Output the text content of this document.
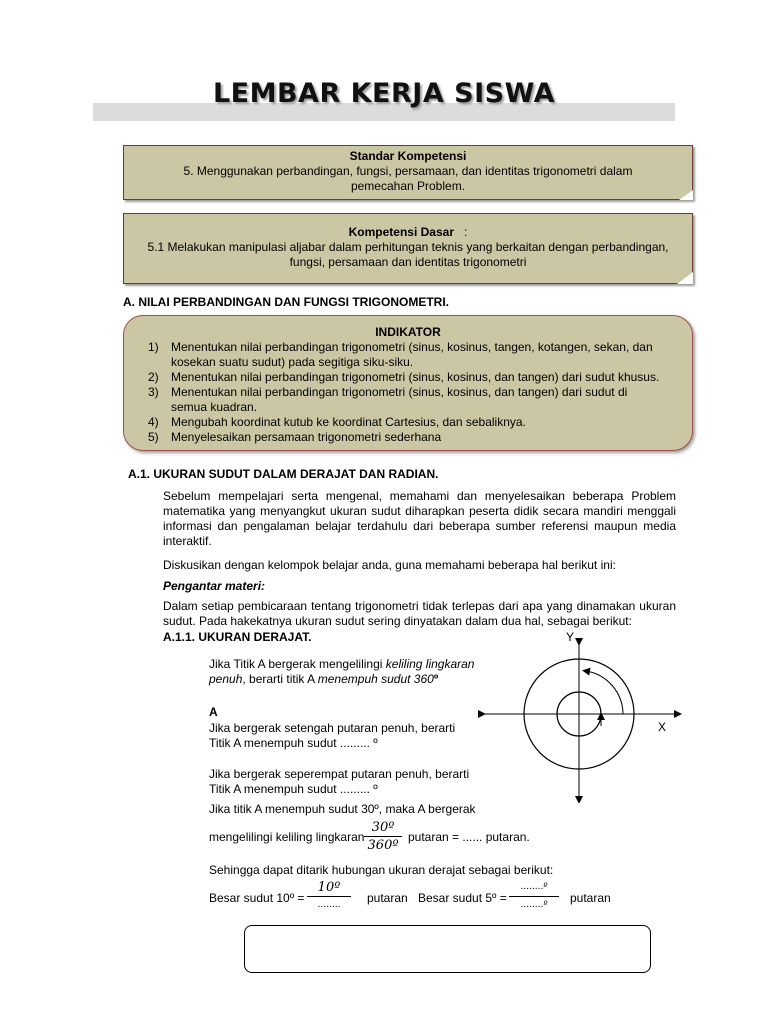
LEMBAR KERJA SISWA
Standar Kompetensi
5. Menggunakan perbandingan, fungsi, persamaan, dan identitas trigonometri dalam pemecahan Problem.
Kompetensi Dasar :
5.1 Melakukan manipulasi aljabar dalam perhitungan teknis yang berkaitan dengan perbandingan, fungsi, persamaan dan identitas trigonometri
A. NILAI PERBANDINGAN DAN FUNGSI TRIGONOMETRI.
INDIKATOR
1) Menentukan nilai perbandingan trigonometri (sinus, kosinus, tangen, kotangen, sekan, dan kosekan suatu sudut) pada segitiga siku-siku.
2) Menentukan nilai perbandingan trigonometri (sinus, kosinus, dan tangen) dari sudut khusus.
3) Menentukan nilai perbandingan trigonometri (sinus, kosinus, dan tangen) dari sudut di semua kuadran.
4) Mengubah koordinat kutub ke koordinat Cartesius, dan sebaliknya.
5) Menyelesaikan persamaan trigonometri sederhana
A.1. UKURAN SUDUT DALAM DERAJAT DAN RADIAN.
Sebelum mempelajari serta mengenal, memahami dan menyelesaikan beberapa Problem matematika yang menyangkut ukuran sudut diharapkan peserta didik secara mandiri menggali informasi dan pengalaman belajar terdahulu dari beberapa sumber referensi maupun media interaktif.
Diskusikan dengan kelompok belajar anda, guna memahami beberapa hal berikut ini:
Pengantar materi:
Dalam setiap pembicaraan tentang trigonometri tidak terlepas dari apa yang dinamakan ukuran sudut. Pada hakekatnya ukuran sudut sering dinyatakan dalam dua hal, sebagai berikut:
A.1.1. UKURAN DERAJAT.
Jika Titik A bergerak mengelilingi keliling lingkaran penuh, berarti titik A menempuh sudut 360º
A
Jika bergerak setengah putaran penuh, berarti Titik A menempuh sudut ......... º
Jika bergerak seperempat putaran penuh, berarti Titik A menempuh sudut ......... º
Jika titik A menempuh sudut 30º, maka A bergerak
mengelilingi keliling lingkaran
30º
360º
putaran = ...... putaran.
Sehingga dapat ditarik hubungan ukuran derajat sebagai berikut:
Besar sudut 10º =
10º
........	putaran Besar sudut 5º =
........º
........º	putaran
X
Y
